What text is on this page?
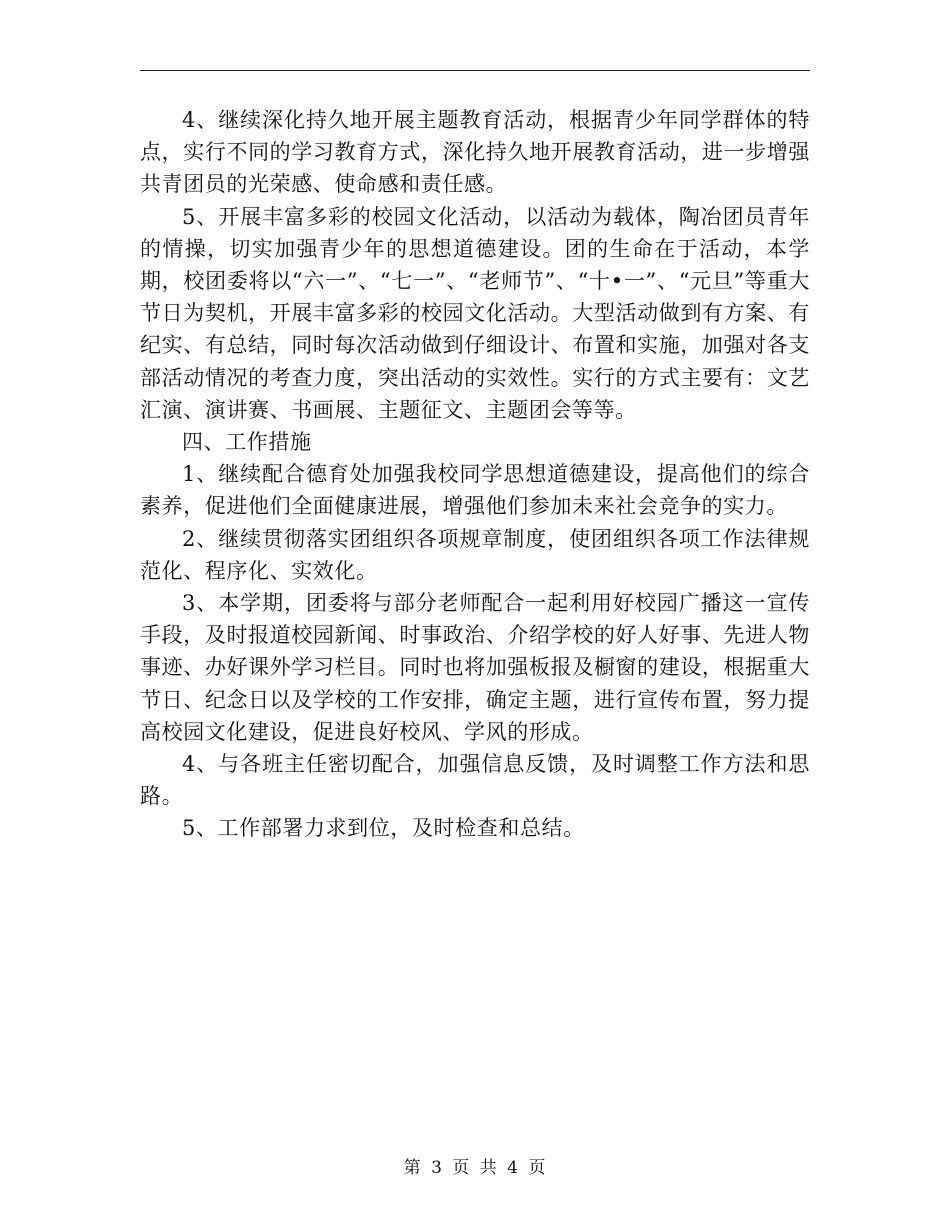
4、继续深化持久地开展主题教育活动，根据青少年同学群体的特点，实行不同的学习教育方式，深化持久地开展教育活动，进一步增强共青团员的光荣感、使命感和责任感。

5、开展丰富多彩的校园文化活动，以活动为载体，陶冶团员青年的情操，切实加强青少年的思想道德建设。团的生命在于活动，本学期，校团委将以“六一”、“七一”、“老师节”、“十•一”、“元旦”等重大节日为契机，开展丰富多彩的校园文化活动。大型活动做到有方案、有纪实、有总结，同时每次活动做到仔细设计、布置和实施，加强对各支部活动情况的考查力度，突出活动的实效性。实行的方式主要有：文艺汇演、演讲赛、书画展、主题征文、主题团会等等。

四、工作措施

1、继续配合德育处加强我校同学思想道德建设，提高他们的综合素养，促进他们全面健康进展，增强他们参加未来社会竞争的实力。

2、继续贯彻落实团组织各项规章制度，使团组织各项工作法律规范化、程序化、实效化。

3、本学期，团委将与部分老师配合一起利用好校园广播这一宣传手段，及时报道校园新闻、时事政治、介绍学校的好人好事、先进人物事迹、办好课外学习栏目。同时也将加强板报及橱窗的建设，根据重大节日、纪念日以及学校的工作安排，确定主题，进行宣传布置，努力提高校园文化建设，促进良好校风、学风的形成。

4、与各班主任密切配合，加强信息反馈，及时调整工作方法和思路。

5、工作部署力求到位，及时检查和总结。

第 3 页 共 4 页
